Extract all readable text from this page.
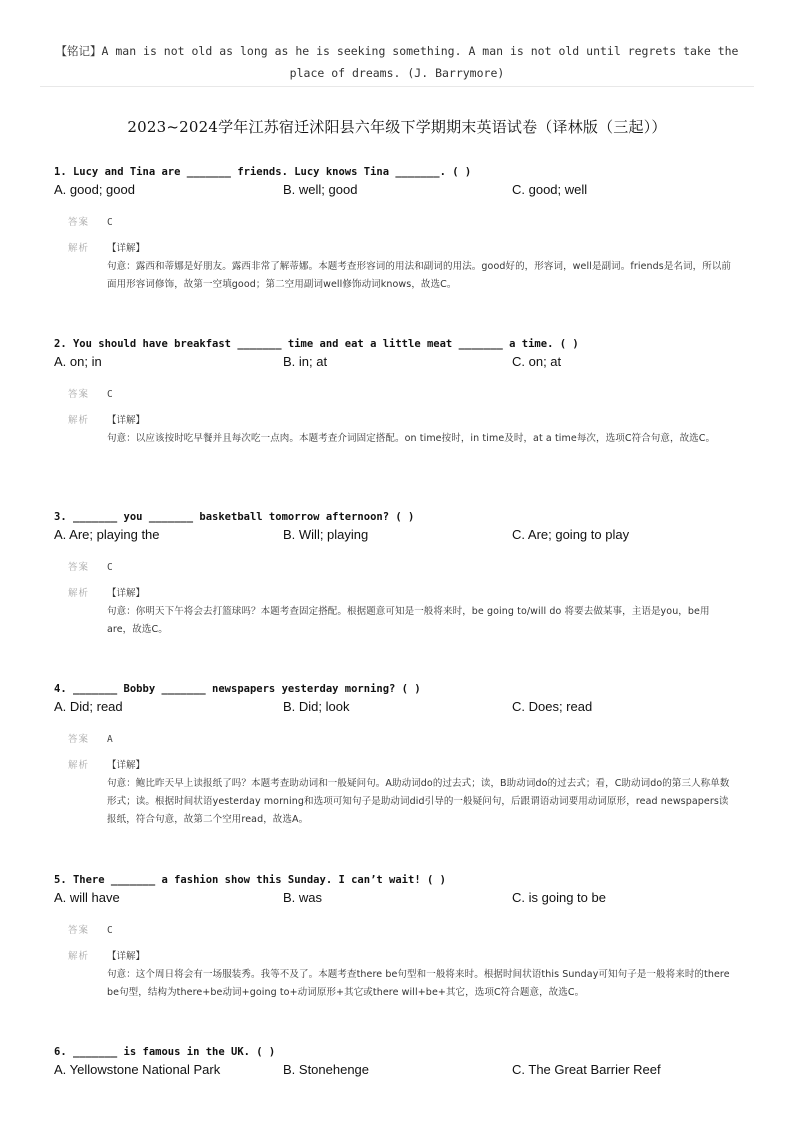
【铭记】A man is not old as long as he is seeking something. A man is not old until regrets take the place of dreams. (J. Barrymore)
2023~2024学年江苏宿迁沭阳县六年级下学期期末英语试卷（译林版（三起））
1. Lucy and Tina are _______ friends. Lucy knows Tina _______. ( )
A. good; good	B. well; good	C. good; well
答案 C
解析 【详解】
句意：露西和蒂娜是好朋友。露西非常了解蒂娜。本题考查形容词的用法和副词的用法。good好的，形容词，well是副词。friends是名词，所以前面用形容词修饰，故第一空填good；第二空用副词well修饰动词knows，故选C。
2. You should have breakfast _______ time and eat a little meat _______ a time. ( )
A. on; in	B. in; at	C. on; at
答案 C
解析 【详解】
句意：以应该按时吃早餐并且每次吃一点肉。本题考查介词固定搭配。on time按时，in time及时，at a time每次，选项C符合句意，故选C。
3. _______ you _______ basketball tomorrow afternoon? ( )
A. Are; playing the	B. Will; playing	C. Are; going to play
答案 C
解析 【详解】
句意：你明天下午将会去打篮球吗？本题考查固定搭配。根据题意可知是一般将来时，be going to/will do 将要去做某事，主语是you，be用are，故选C。
4. _______ Bobby _______ newspapers yesterday morning? ( )
A. Did; read	B. Did; look	C. Does; read
答案 A
解析 【详解】
句意：鲍比昨天早上读报纸了吗？本题考查助动词和一般疑问句。A助动词do的过去式；读，B助动词do的过去式；看，C助动词do的第三人称单数形式；读。根据时间状语yesterday morning和选项可知句子是助动词did引导的一般疑问句，后跟谓语动词要用动词原形，read newspapers读报纸，符合句意，故第二个空用read，故选A。
5. There _______ a fashion show this Sunday. I can’t wait! ( )
A. will have	B. was	C. is going to be
答案 C
解析 【详解】
句意：这个周日将会有一场服装秀。我等不及了。本题考查there be句型和一般将来时。根据时间状语this Sunday可知句子是一般将来时的there be句型，结构为there+be动词+going to+动词原形+其它或there will+be+其它，选项C符合题意，故选C。
6. _______ is famous in the UK. ( )
A. Yellowstone National Park	B. Stonehenge	C. The Great Barrier Reef
